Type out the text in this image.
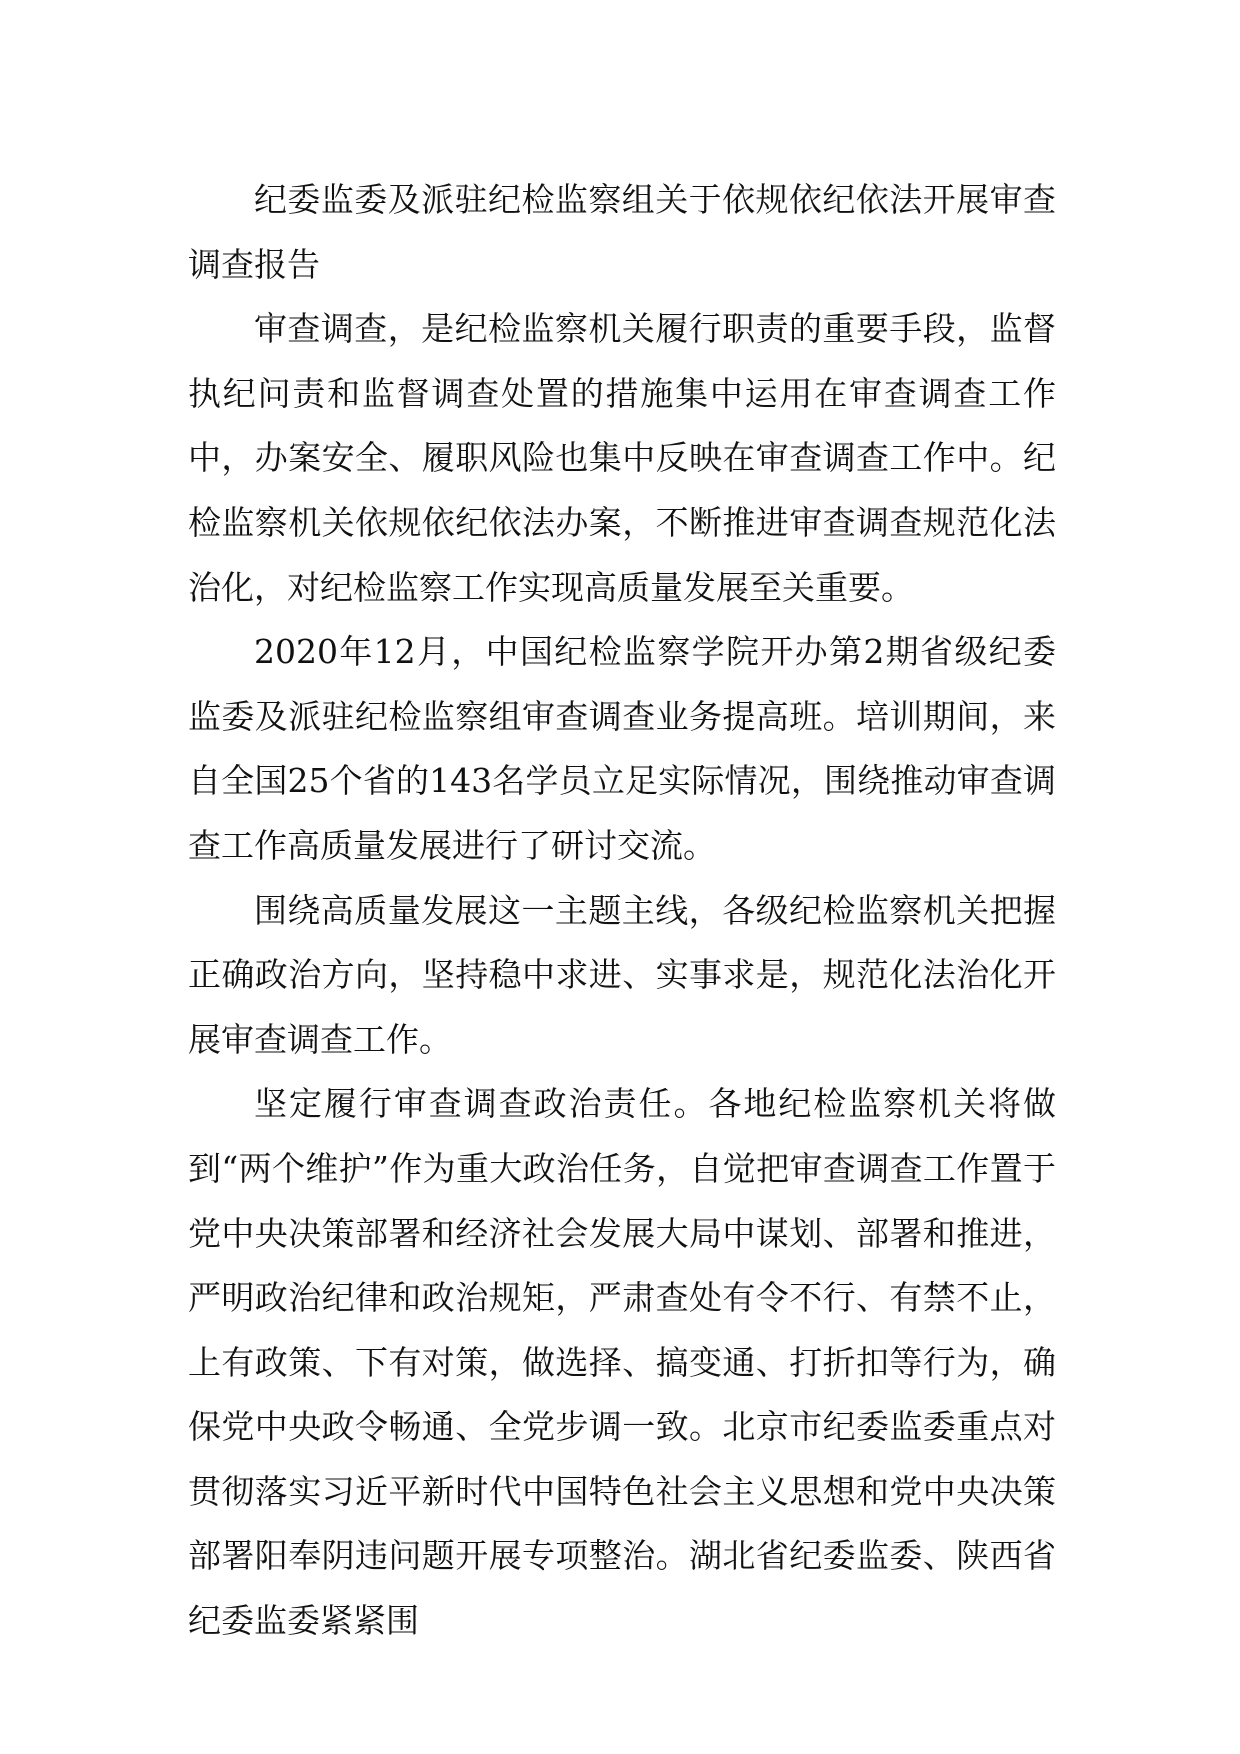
纪委监委及派驻纪检监察组关于依规依纪依法开展审查调查报告

审查调查，是纪检监察机关履行职责的重要手段，监督执纪问责和监督调查处置的措施集中运用在审查调查工作中，办案安全、履职风险也集中反映在审查调查工作中。纪检监察机关依规依纪依法办案，不断推进审查调查规范化法治化，对纪检监察工作实现高质量发展至关重要。

2020年12月，中国纪检监察学院开办第2期省级纪委监委及派驻纪检监察组审查调查业务提高班。培训期间，来自全国25个省的143名学员立足实际情况，围绕推动审查调查工作高质量发展进行了研讨交流。

围绕高质量发展这一主题主线，各级纪检监察机关把握正确政治方向，坚持稳中求进、实事求是，规范化法治化开展审查调查工作。

坚定履行审查调查政治责任。各地纪检监察机关将做到“两个维护”作为重大政治任务，自觉把审查调查工作置于党中央决策部署和经济社会发展大局中谋划、部署和推进，严明政治纪律和政治规矩，严肃查处有令不行、有禁不止，上有政策、下有对策，做选择、搞变通、打折扣等行为，确保党中央政令畅通、全党步调一致。北京市纪委监委重点对贯彻落实习近平新时代中国特色社会主义思想和党中央决策部署阳奉阴违问题开展专项整治。湖北省纪委监委、陕西省纪委监委紧紧围
